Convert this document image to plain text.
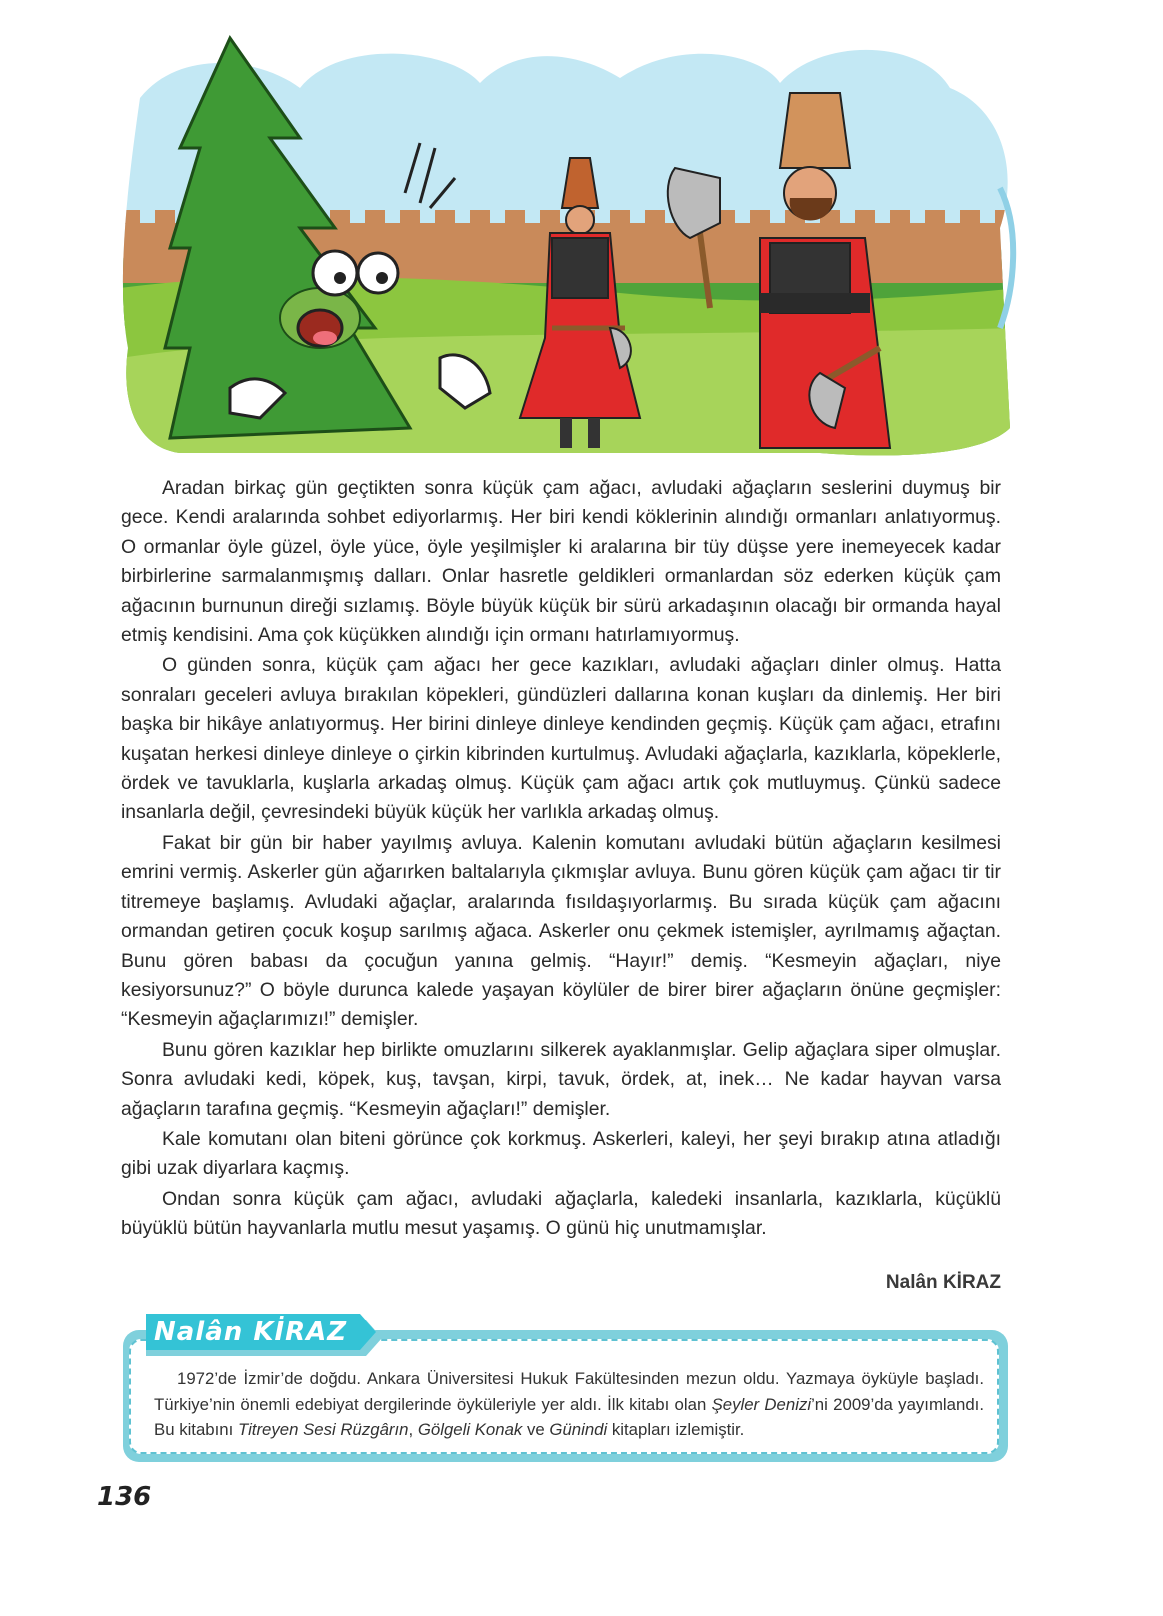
Aradan birkaç gün geçtikten sonra küçük çam ağacı, avludaki ağaçların seslerini duymuş bir gece. Kendi aralarında sohbet ediyorlarmış. Her biri kendi köklerinin alındığı ormanları anlatıyormuş. O ormanlar öyle güzel, öyle yüce, öyle yeşilmişler ki aralarına bir tüy düşse yere inemeyecek kadar birbirlerine sarmalanmışmış dalları. Onlar hasretle geldikleri ormanlardan söz ederken küçük çam ağacının burnunun direği sızlamış. Böyle büyük küçük bir sürü arkadaşının olacağı bir ormanda hayal etmiş kendisini. Ama çok küçükken alındığı için ormanı hatırlamıyormuş.

O günden sonra, küçük çam ağacı her gece kazıkları, avludaki ağaçları dinler olmuş. Hatta sonraları geceleri avluya bırakılan köpekleri, gündüzleri dallarına konan kuşları da dinlemiş. Her biri başka bir hikâye anlatıyormuş. Her birini dinleye dinleye kendinden geçmiş. Küçük çam ağacı, etrafını kuşatan herkesi dinleye dinleye o çirkin kibrinden kurtulmuş. Avludaki ağaçlarla, kazıklarla, köpeklerle, ördek ve tavuklarla, kuşlarla arkadaş olmuş. Küçük çam ağacı artık çok mutluymuş. Çünkü sadece insanlarla değil, çevresindeki büyük küçük her varlıkla arkadaş olmuş.

Fakat bir gün bir haber yayılmış avluya. Kalenin komutanı avludaki bütün ağaçların kesilmesi emrini vermiş. Askerler gün ağarırken baltalarıyla çıkmışlar avluya. Bunu gören küçük çam ağacı tir tir titremeye başlamış. Avludaki ağaçlar, aralarında fısıldaşıyorlarmış. Bu sırada küçük çam ağacını ormandan getiren çocuk koşup sarılmış ağaca. Askerler onu çekmek istemişler, ayrılmamış ağaçtan. Bunu gören babası da çocuğun yanına gelmiş. “Hayır!” demiş. “Kesmeyin ağaçları, niye kesiyorsunuz?” O böyle durunca kalede yaşayan köylüler de birer birer ağaçların önüne geçmişler: “Kesmeyin ağaçlarımızı!” demişler.

Bunu gören kazıklar hep birlikte omuzlarını silkerek ayaklanmışlar. Gelip ağaçlara siper olmuşlar. Sonra avludaki kedi, köpek, kuş, tavşan, kirpi, tavuk, ördek, at, inek… Ne kadar hayvan varsa ağaçların tarafına geçmiş. “Kesmeyin ağaçları!” demişler.

Kale komutanı olan biteni görünce çok korkmuş. Askerleri, kaleyi, her şeyi bırakıp atına atladığı gibi uzak diyarlara kaçmış.

Ondan sonra küçük çam ağacı, avludaki ağaçlarla, kaledeki insanlarla, kazıklarla, küçüklü büyüklü bütün hayvanlarla mutlu mesut yaşamış. O günü hiç unutmamışlar.

Nalân KİRAZ
1972’de İzmir’de doğdu. Ankara Üniversitesi Hukuk Fakültesinden mezun oldu. Yazmaya öyküyle başladı. Türkiye’nin önemli edebiyat dergilerinde öyküleriyle yer aldı. İlk kitabı olan Şeyler Denizi’ni 2009’da yayımlandı. Bu kitabını Titreyen Sesi Rüzgârın, Gölgeli Konak ve Günindi kitapları izlemiştir.
Nalân KİRAZ
136
